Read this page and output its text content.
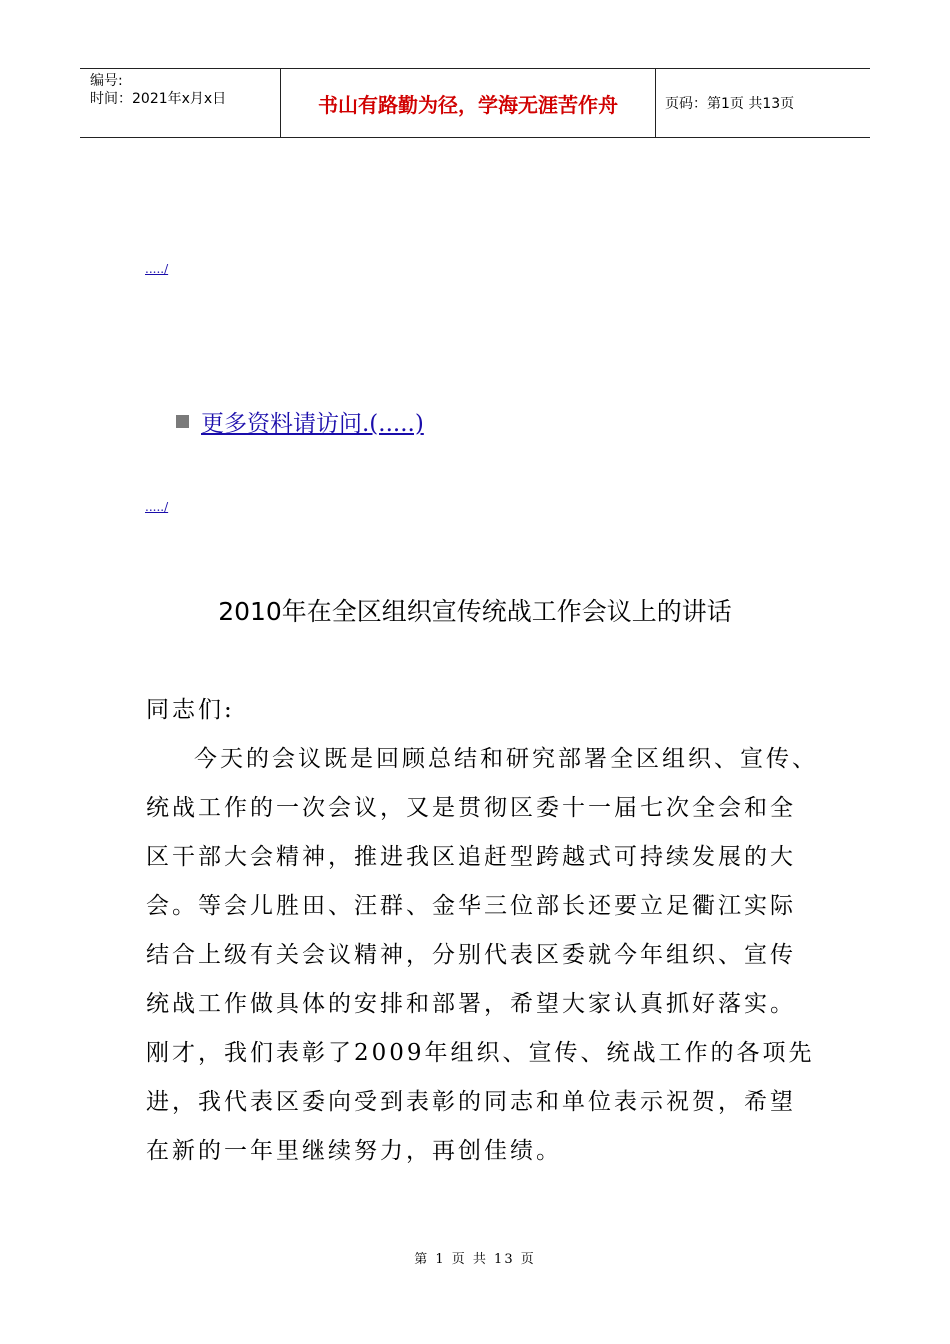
编号:
时间：2021年x月x日	书山有路勤为径，学海无涯苦作舟	页码：第1页 共13页
...../
更多资料请访问.(.....)
...../
2010年在全区组织宣传统战工作会议上的讲话
同志们:
今天的会议既是回顾总结和研究部署全区组织、宣传、
统战工作的一次会议，又是贯彻区委十一届七次全会和全
区干部大会精神，推进我区追赶型跨越式可持续发展的大
会。等会儿胜田、汪群、金华三位部长还要立足衢江实际
结合上级有关会议精神，分别代表区委就今年组织、宣传
统战工作做具体的安排和部署，希望大家认真抓好落实。
刚才，我们表彰了2009年组织、宣传、统战工作的各项先
进，我代表区委向受到表彰的同志和单位表示祝贺，希望
在新的一年里继续努力，再创佳绩。
第 1 页 共 13 页
